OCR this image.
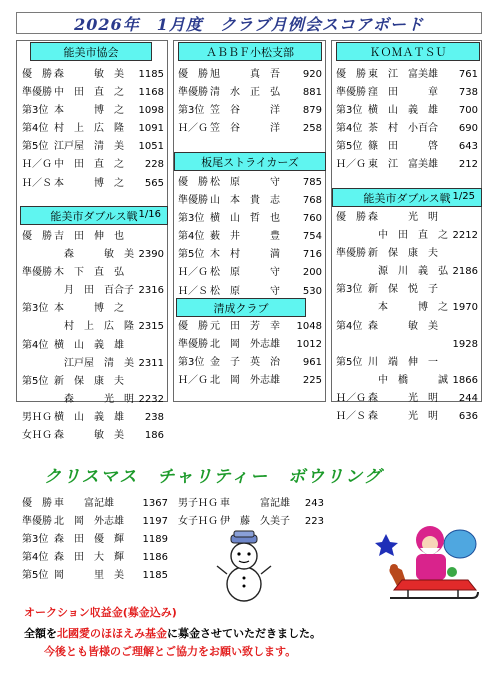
2026年　1月度　クラブ月例会スコアボード
能美市協会
優　勝 森　　　敏　美 1185
準優勝 中　田　直　之 1168
第3位 本　　　博　之 1098
第4位 村　上　広　隆 1091
第5位 江戸屋　清　美 1051
Ｈ／Ｇ 中　田　直　之 228
Ｈ／Ｓ 本　　　博　之 565
能美市ダブルス戦 1/16
優　勝 吉　田　伸　也
森　　　敏　美 2390
準優勝 木　下　直　弘
月　田　百合子 2316
第3位 本　　　博　之
村　上　広　隆 2315
第4位 横　山　義　雄
江戸屋　清　美 2311
第5位 新　保　康　夫
森　　　光　明 2232
男ＨＧ 横　山　義　雄 238
女ＨＧ 森　　　敏　美 186
ＡＢＢＦ小松支部
優　勝 旭　　　真　吾 920
準優勝 清　水　正　弘 881
第3位 笠　谷　　　洋 879
Ｈ／Ｇ 笠　谷　　　洋 258
板尾ストライカーズ
優　勝 松　原　　　守 785
準優勝 山　本　貴　志 768
第3位 横　山　哲　也 760
第4位 薮　井　　　豊 754
第5位 木　村　　　満 716
Ｈ／Ｇ 松　原　　　守 200
Ｈ／Ｓ 松　原　　　守 530
清成クラブ
優　勝 元　田　芳　幸 1048
準優勝 北　岡　外志雄 1012
第3位 金　子　英　治 961
Ｈ／Ｇ 北　岡　外志雄 225
ＫＯＭＡＴＳＵ
優　勝 東　江　富美雄 761
準優勝 窪　田　　　章 738
第3位 横　山　義　雄 700
第4位 茶　村　小百合 690
第5位 篠　田　　　啓 643
Ｈ／Ｇ 東　江　富美雄 212
能美市ダブルス戦 1/25
優　勝 森　　　光　明
中　田　直　之 2212
準優勝 新　保　康　夫
源　川　義　弘 2186
第3位 新　保　悦　子
本　　　博　之 1970
第4位 森　　　敏　美
1928
第5位 川　端　伸　一
中　橋　　　誠 1866
Ｈ／Ｇ 森　　　光　明 244
Ｈ／Ｓ 森　　　光　明 636
クリスマス　チャリティー　ボウリング
優　勝 車　　富記雄	1367
準優勝 北　岡　外志雄 1197
第3位 森　田　優　輝 1189
第4位 森　田　大　輝 1186
第5位 岡　　　里　美 1185
男子ＨＧ 車　　　富記雄 243
女子ＨＧ 伊　藤　久美子 223
オークション収益金(募金込み)
全額を北國愛のほほえみ基金に募金させていただきました。
今後とも皆様のご理解とご協力をお願い致します。
